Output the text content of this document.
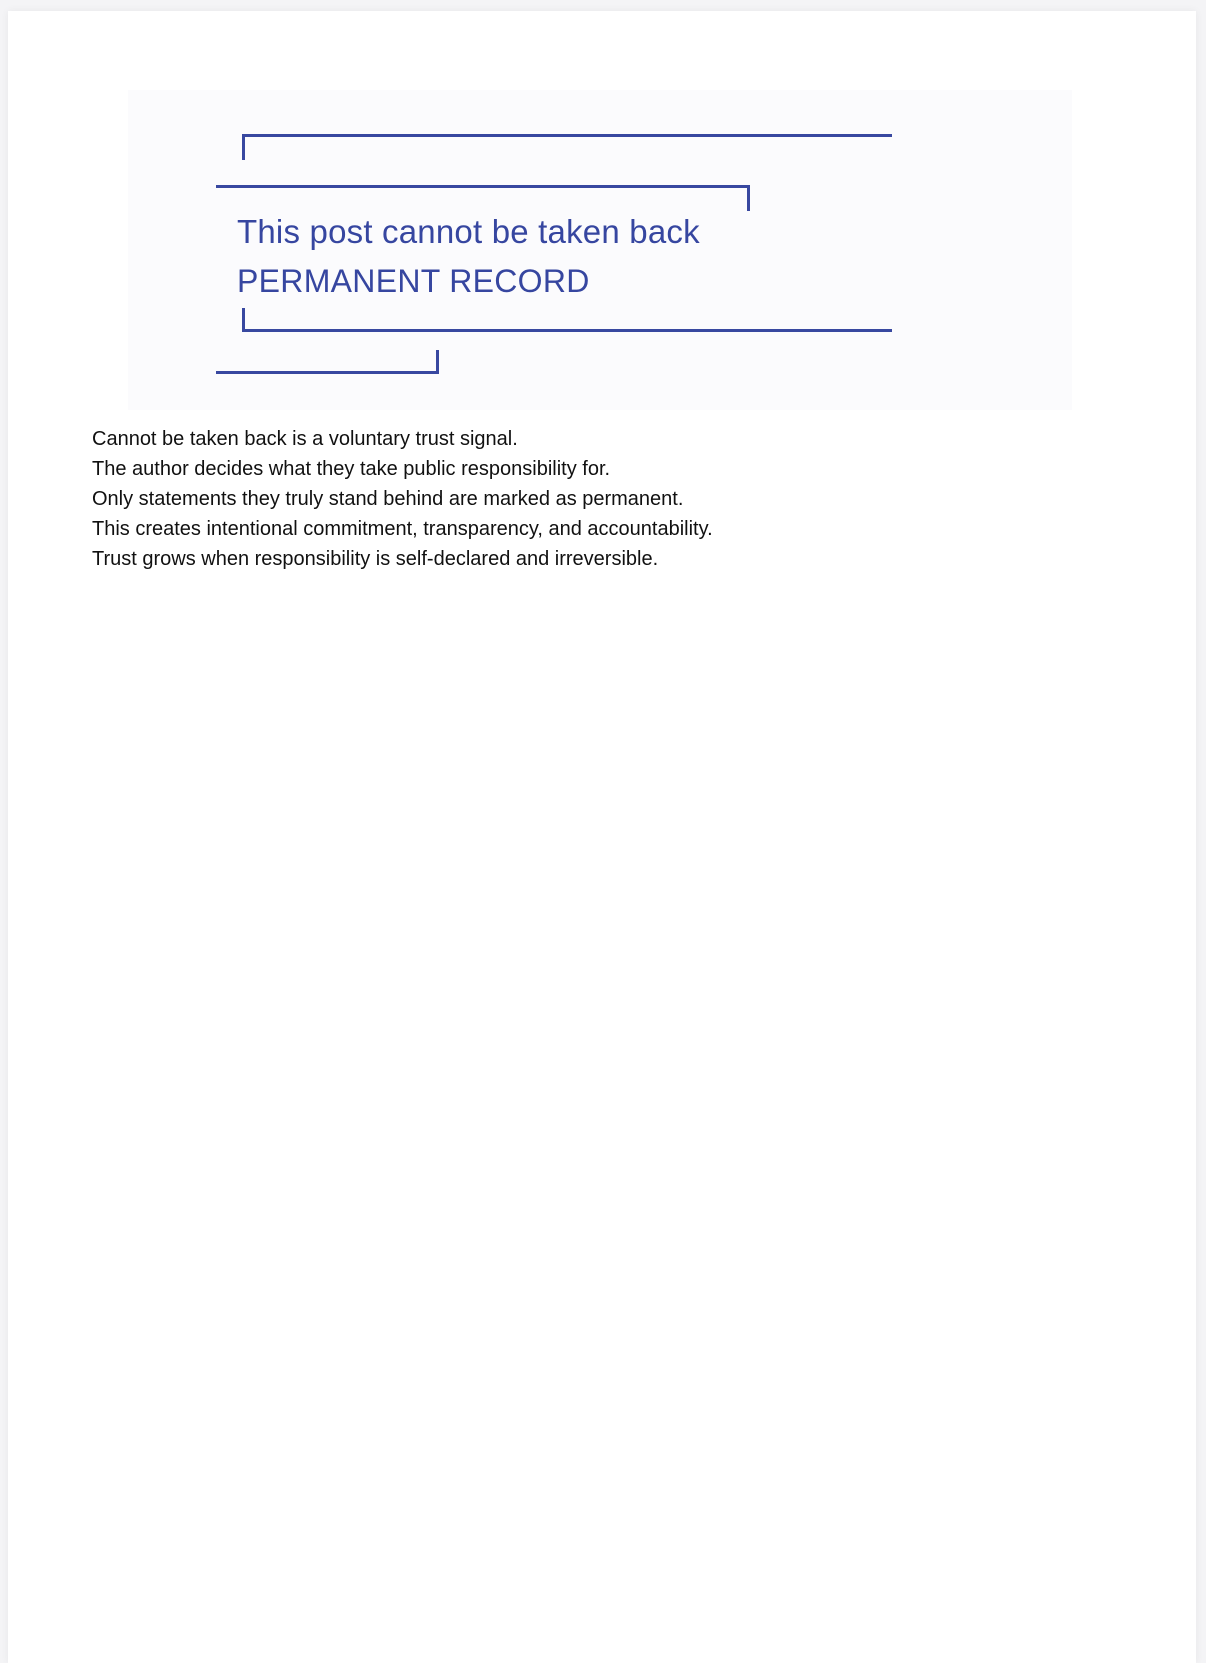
This post cannot be taken back
PERMANENT RECORD
Cannot be taken back is a voluntary trust signal.
The author decides what they take public responsibility for.
Only statements they truly stand behind are marked as permanent.
This creates intentional commitment, transparency, and accountability.
Trust grows when responsibility is self-declared and irreversible.
